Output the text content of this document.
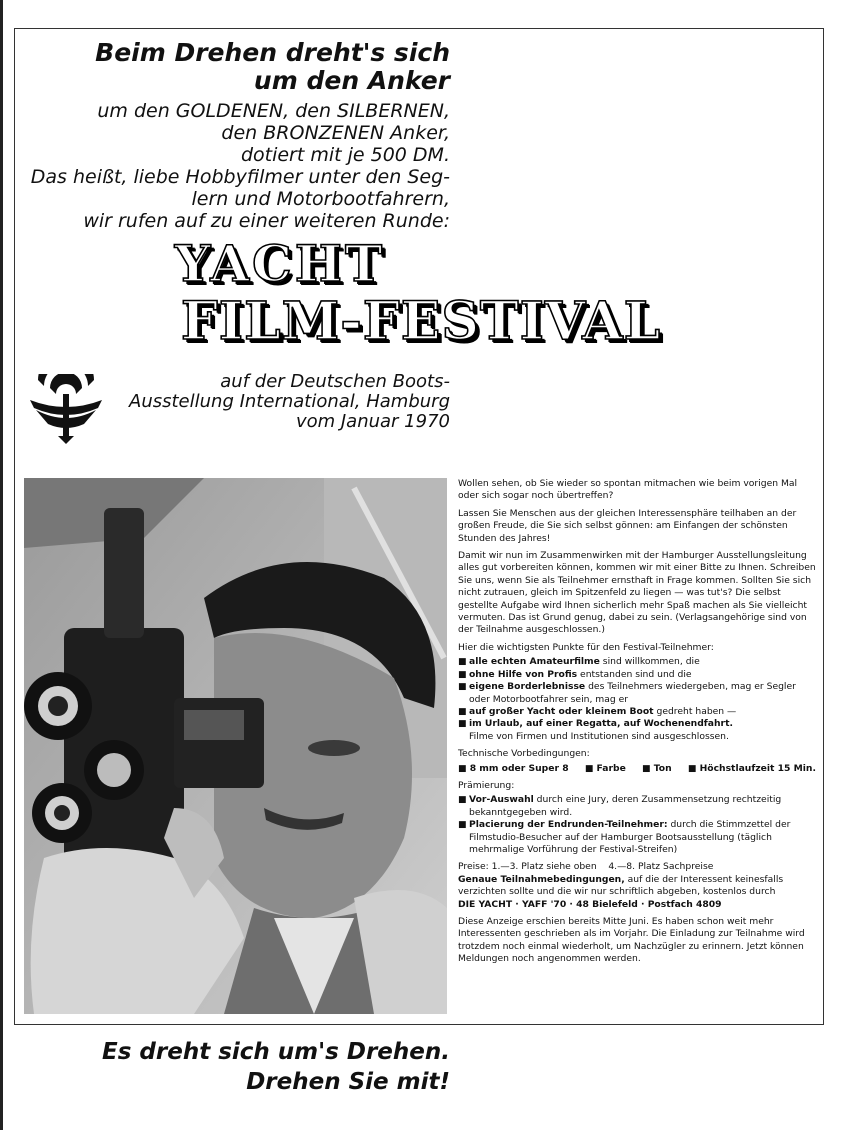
Beim Drehen dreht's sich
um den Anker
um den GOLDENEN, den SILBERNEN,
den BRONZENEN Anker,
dotiert mit je 500 DM.
Das heißt, liebe Hobbyfilmer unter den Seg-
lern und Motorbootfahrern,
wir rufen auf zu einer weiteren Runde:
YACHT
FILM-FESTIVAL
auf der Deutschen Boots-
Ausstellung International, Hamburg
vom Januar 1970

Wollen sehen, ob Sie wieder so spontan mitmachen wie beim vorigen Mal oder sich sogar noch übertreffen?

Lassen Sie Menschen aus der gleichen Interessensphäre teilhaben an der großen Freude, die Sie sich selbst gönnen: am Einfangen der schönsten Stunden des Jahres!

Damit wir nun im Zusammenwirken mit der Hamburger Ausstellungsleitung alles gut vorbereiten können, kommen wir mit einer Bitte zu Ihnen. Schreiben Sie uns, wenn Sie als Teilnehmer ernsthaft in Frage kommen. Sollten Sie sich nicht zutrauen, gleich im Spitzenfeld zu liegen — was tut's? Die selbst gestellte Aufgabe wird Ihnen sicherlich mehr Spaß machen als Sie vielleicht vermuten. Das ist Grund genug, dabei zu sein. (Verlagsangehörige sind von der Teilnahme ausgeschlossen.)

Hier die wichtigsten Punkte für den Festival-Teilnehmer:

■
alle echten Amateurfilme sind willkommen, die
■
ohne Hilfe von Profis entstanden sind und die
■
eigene Borderlebnisse des Teilnehmers wiedergeben, mag er Segler oder Motorbootfahrer sein, mag er
■
auf großer Yacht oder kleinem Boot gedreht haben —
■
im Urlaub, auf einer Regatta, auf Wochenendfahrt.

Filme von Firmen und Institutionen sind ausgeschlossen.

Technische Vorbedingungen:

■ 8 mm oder Super 8 ■	Farbe ■	Ton ■	Höchstlaufzeit 15 Min.

Prämierung:

■
Vor-Auswahl durch eine Jury, deren Zusammensetzung rechtzeitig bekanntgegeben wird.
■
Placierung der Endrunden-Teilnehmer: durch die Stimmzettel der Filmstudio-Besucher auf der Hamburger Bootsausstellung (täglich mehrmalige Vorführung der Festival-Streifen)

Preise: 1.—3. Platz siehe oben    4.—8. Platz Sachpreise

Genaue Teilnahmebedingungen, auf die der Interessent keinesfalls verzichten sollte und die wir nur schriftlich abgeben, kostenlos durch

DIE YACHT · YAFF '70 · 48 Bielefeld · Postfach 4809

Diese Anzeige erschien bereits Mitte Juni. Es haben schon weit mehr Interessenten geschrieben als im Vorjahr. Die Einladung zur Teilnahme wird trotzdem noch einmal wiederholt, um Nachzügler zu erinnern. Jetzt können Meldungen noch angenommen werden.

Es dreht sich um's Drehen.
Drehen Sie mit!
